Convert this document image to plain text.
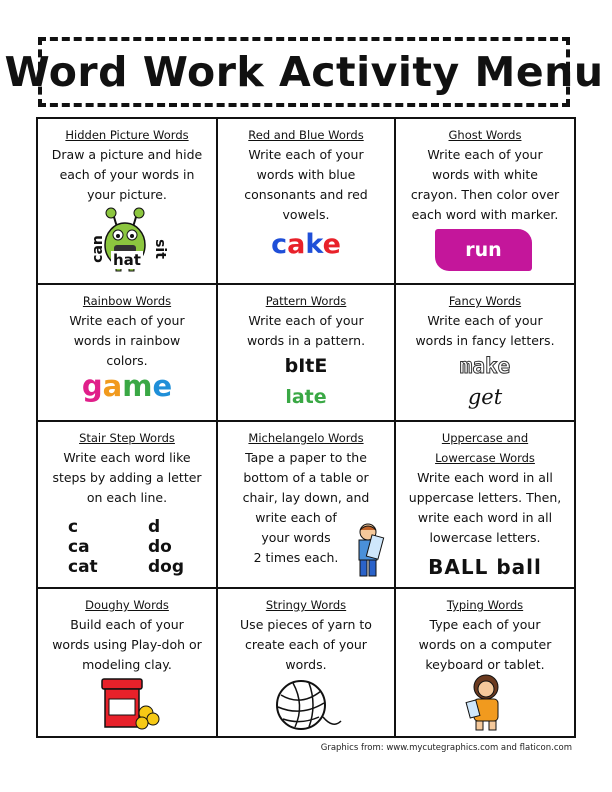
Word Work Activity Menu
Hidden Picture Words
Draw a picture and hide
each of your words in
your picture.
can hat
sit
Red and Blue Words
Write each of your
words with blue
consonants and red
vowels.
cake
Ghost Words
Write each of your
words with white
crayon. Then color over
each word with marker.
run
Rainbow Words
Write each of your
words in rainbow
colors.
game
Pattern Words
Write each of your
words in a pattern.
bItE
late
Fancy Words
Write each of your
words in fancy letters.
make
get
Stair Step Words
Write each word like
steps by adding a letter
on each line.
c
ca
cat
d
do
dog
Michelangelo Words
Tape a paper to the
bottom of a table or
chair, lay down, and
write each of
your words
2 times each.
Uppercase and
Lowercase Words
Write each word in all
uppercase letters. Then,
write each word in all
lowercase letters.
BALL ball
Doughy Words
Build each of your
words using Play-doh or
modeling clay.
Stringy Words
Use pieces of yarn to
create each of your
words.
Typing Words
Type each of your
words on a computer
keyboard or tablet.
Graphics from: www.mycutegraphics.com and flaticon.com
